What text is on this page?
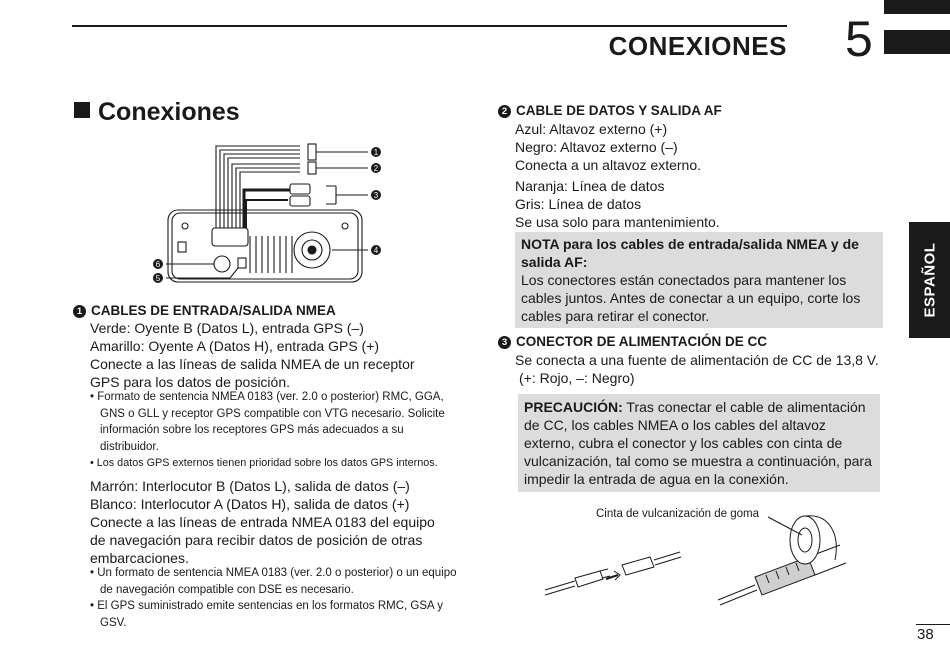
CONEXIONES 5
ESPAÑOL
Conexiones
1
2
3
4
6
5
1 CABLES DE ENTRADA/SALIDA NMEA
Verde: Oyente B (Datos L), entrada GPS (–)
Amarillo: Oyente A (Datos H), entrada GPS (+)
Conecte a las líneas de salida NMEA de un receptor
GPS para los datos de posición.
• Formato de sentencia NMEA 0183 (ver. 2.0 o posterior) RMC, GGA, GNS o GLL y receptor GPS compatible con VTG necesario. Solicite información sobre los receptores GPS más adecuados a su distribuidor.
• Los datos GPS externos tienen prioridad sobre los datos GPS internos.
Marrón: Interlocutor B (Datos L), salida de datos (–)
Blanco: Interlocutor A (Datos H), salida de datos (+)
Conecte a las líneas de entrada NMEA 0183 del equipo
de navegación para recibir datos de posición de otras
embarcaciones.
• Un formato de sentencia NMEA 0183 (ver. 2.0 o posterior) o un equipo de navegación compatible con DSE es necesario.
• El GPS suministrado emite sentencias en los formatos RMC, GSA y GSV.
2 CABLE DE DATOS Y SALIDA AF
Azul: Altavoz externo (+)
Negro: Altavoz externo (–)
Conecta a un altavoz externo.
Naranja: Línea de datos
Gris: Línea de datos
Se usa solo para mantenimiento.
NOTA para los cables de entrada/salida NMEA y de salida AF:
Los conectores están conectados para mantener los cables juntos. Antes de conectar a un equipo, corte los cables para retirar el conector.
3 CONECTOR DE ALIMENTACIÓN DE CC
Se conecta a una fuente de alimentación de CC de 13,8 V.
(+: Rojo, –: Negro)
PRECAUCIÓN: Tras conectar el cable de alimentación de CC, los cables NMEA o los cables del altavoz externo, cubra el conector y los cables con cinta de vulcanización, tal como se muestra a continuación, para impedir la entrada de agua en la conexión.
Cinta de vulcanización de goma
38
